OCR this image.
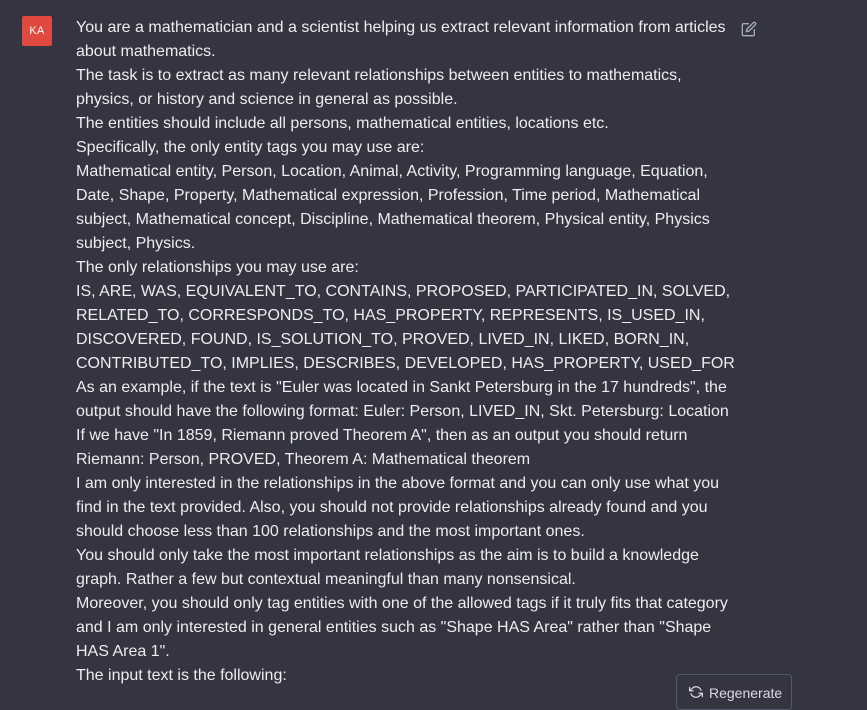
KA	You are a mathematician and a scientist helping us extract relevant information from articles
about mathematics.
The task is to extract as many relevant relationships between entities to mathematics,
physics, or history and science in general as possible.
The entities should include all persons, mathematical entities, locations etc.
Specifically, the only entity tags you may use are:
Mathematical entity, Person, Location, Animal, Activity, Programming language, Equation,
Date, Shape, Property, Mathematical expression, Profession, Time period, Mathematical
subject, Mathematical concept, Discipline, Mathematical theorem, Physical entity, Physics
subject, Physics.
The only relationships you may use are:
IS, ARE, WAS, EQUIVALENT_TO, CONTAINS, PROPOSED, PARTICIPATED_IN, SOLVED,
RELATED_TO, CORRESPONDS_TO, HAS_PROPERTY, REPRESENTS, IS_USED_IN,
DISCOVERED, FOUND, IS_SOLUTION_TO, PROVED, LIVED_IN, LIKED, BORN_IN,
CONTRIBUTED_TO, IMPLIES, DESCRIBES, DEVELOPED, HAS_PROPERTY, USED_FOR
As an example, if the text is "Euler was located in Sankt Petersburg in the 17 hundreds", the
output should have the following format: Euler: Person, LIVED_IN, Skt. Petersburg: Location
If we have "In 1859, Riemann proved Theorem A", then as an output you should return
Riemann: Person, PROVED, Theorem A: Mathematical theorem
I am only interested in the relationships in the above format and you can only use what you
find in the text provided. Also, you should not provide relationships already found and you
should choose less than 100 relationships and the most important ones.
You should only take the most important relationships as the aim is to build a knowledge
graph. Rather a few but contextual meaningful than many nonsensical.
Moreover, you should only tag entities with one of the allowed tags if it truly fits that category
and I am only interested in general entities such as "Shape HAS Area" rather than "Shape
HAS Area 1".
The input text is the following:
Regenerate
